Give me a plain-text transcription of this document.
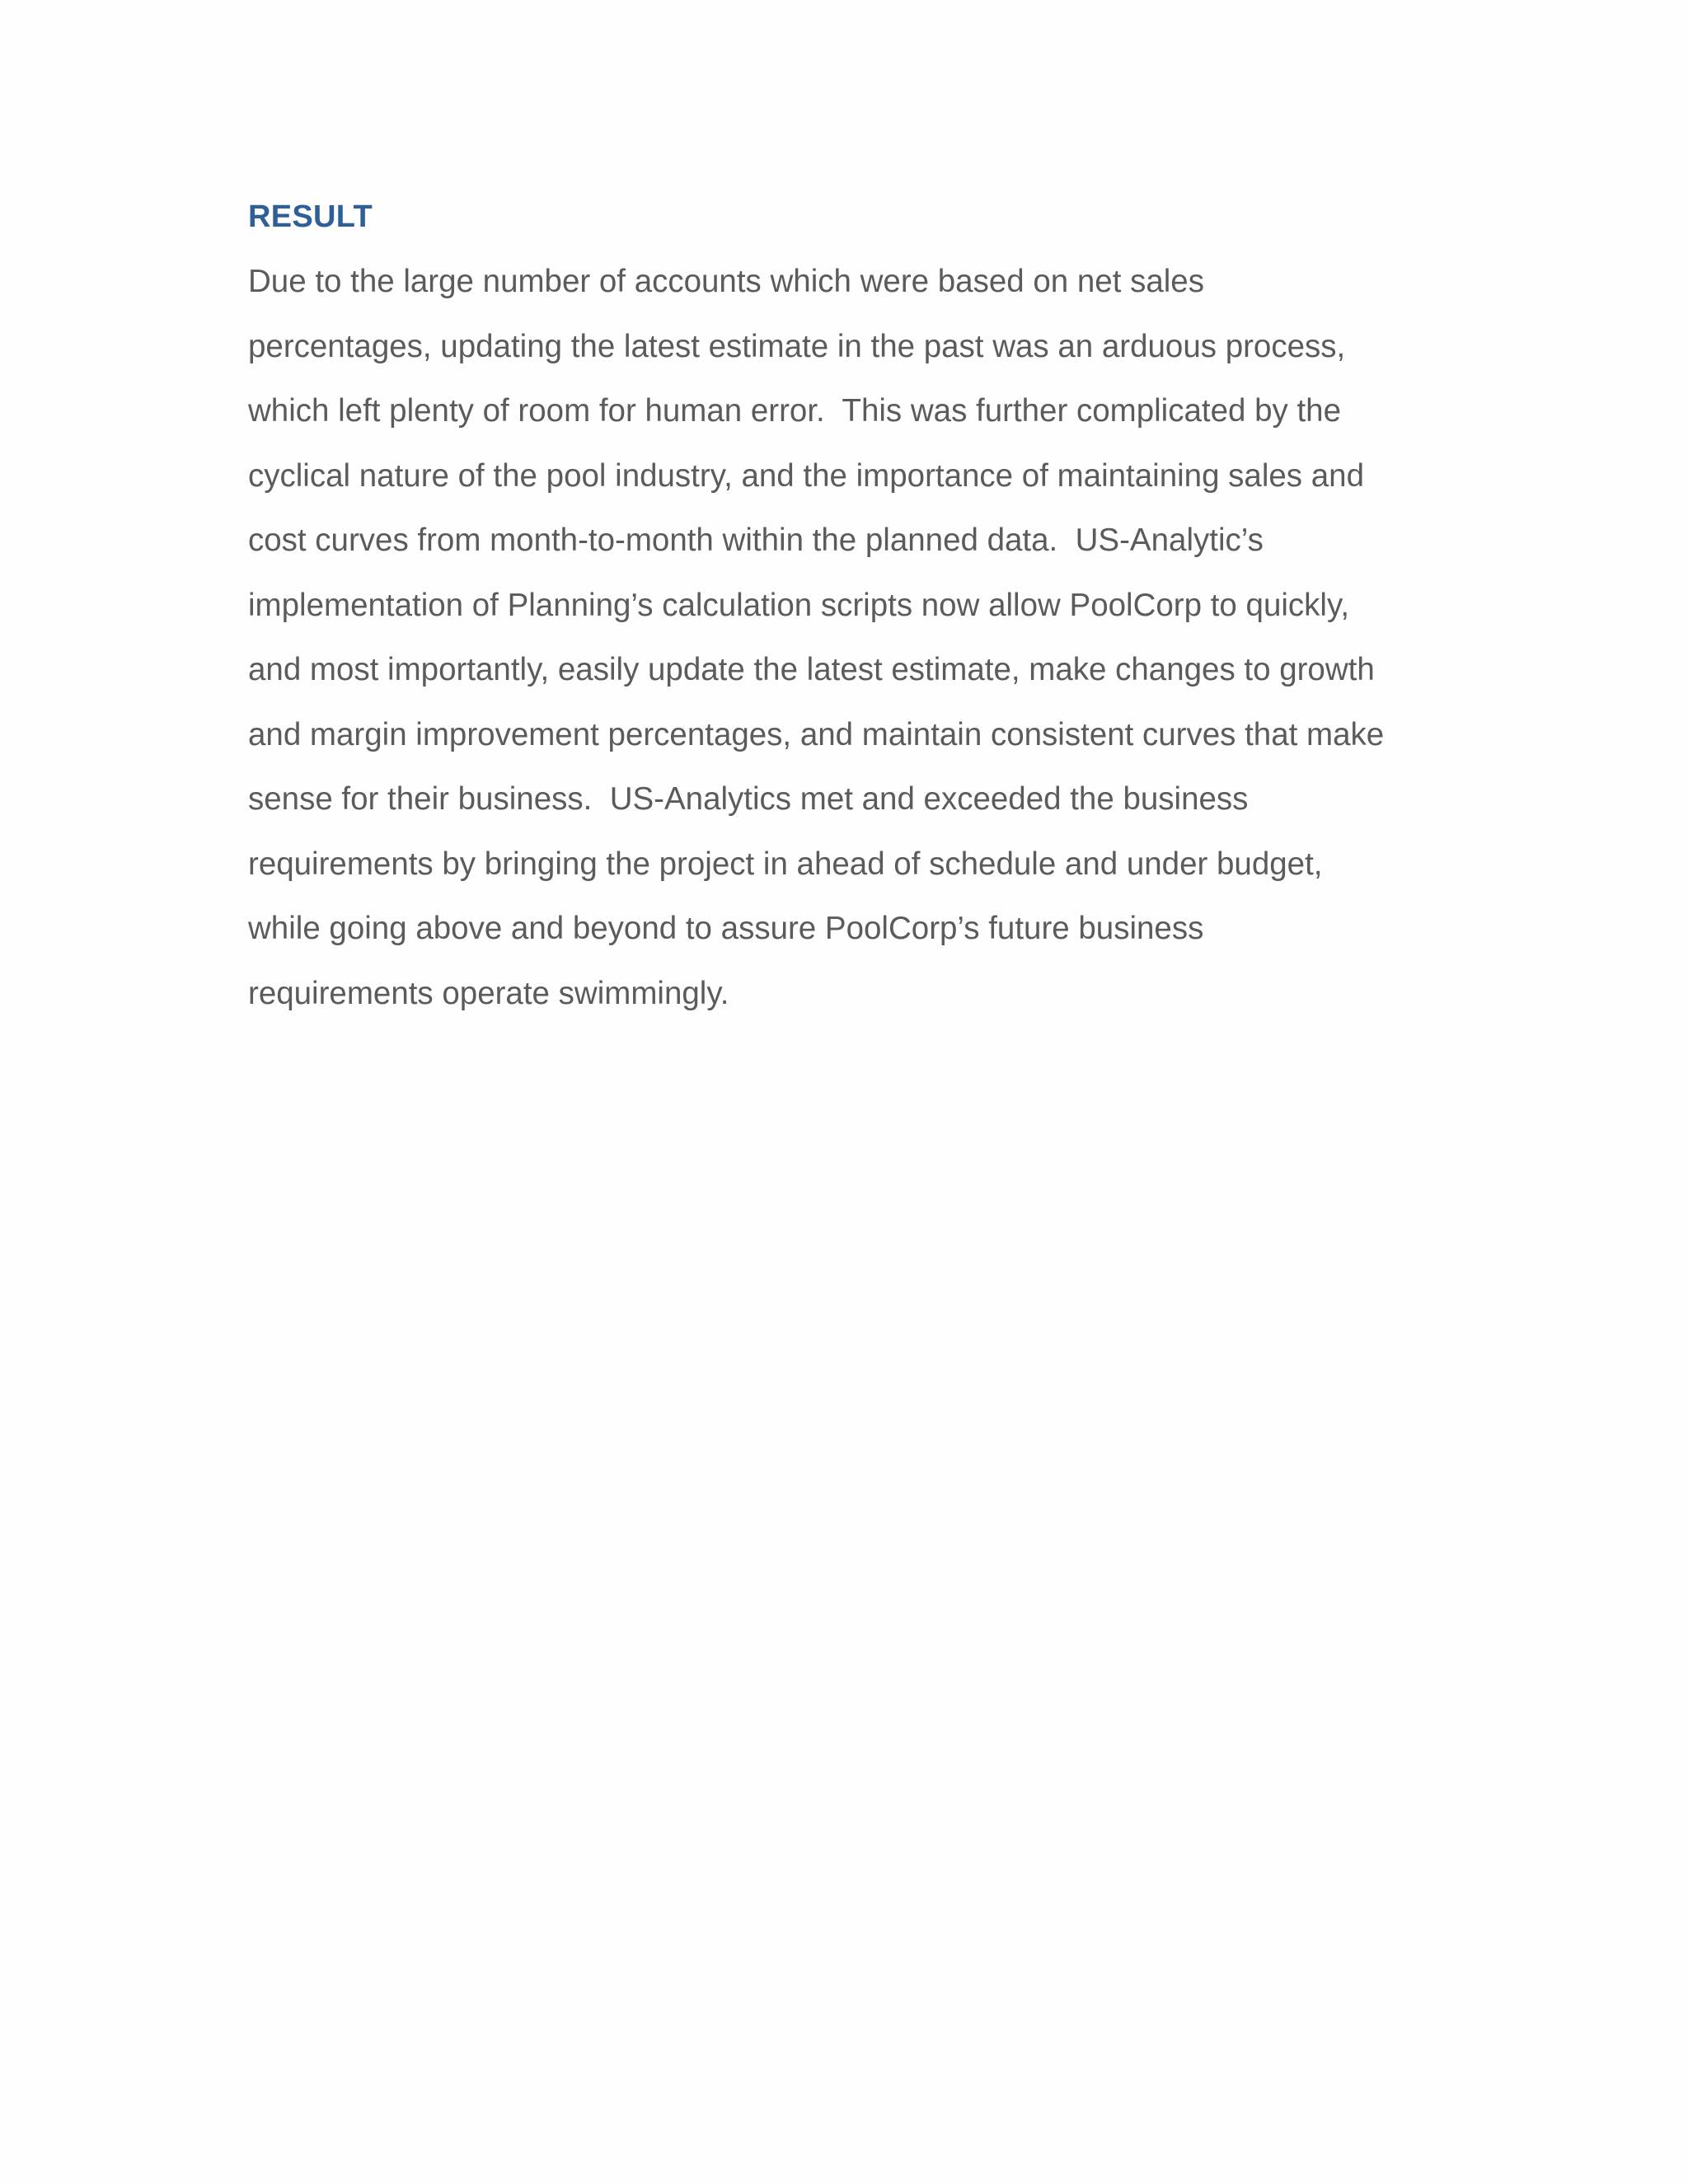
RESULT
Due to the large number of accounts which were based on net sales
percentages, updating the latest estimate in the past was an arduous process,
which left plenty of room for human error.  This was further complicated by the
cyclical nature of the pool industry, and the importance of maintaining sales and
cost curves from month-to-month within the planned data.  US-Analytic’s
implementation of Planning’s calculation scripts now allow PoolCorp to quickly,
and most importantly, easily update the latest estimate, make changes to growth
and margin improvement percentages, and maintain consistent curves that make
sense for their business.  US-Analytics met and exceeded the business
requirements by bringing the project in ahead of schedule and under budget,
while going above and beyond to assure PoolCorp’s future business
requirements operate swimmingly.
